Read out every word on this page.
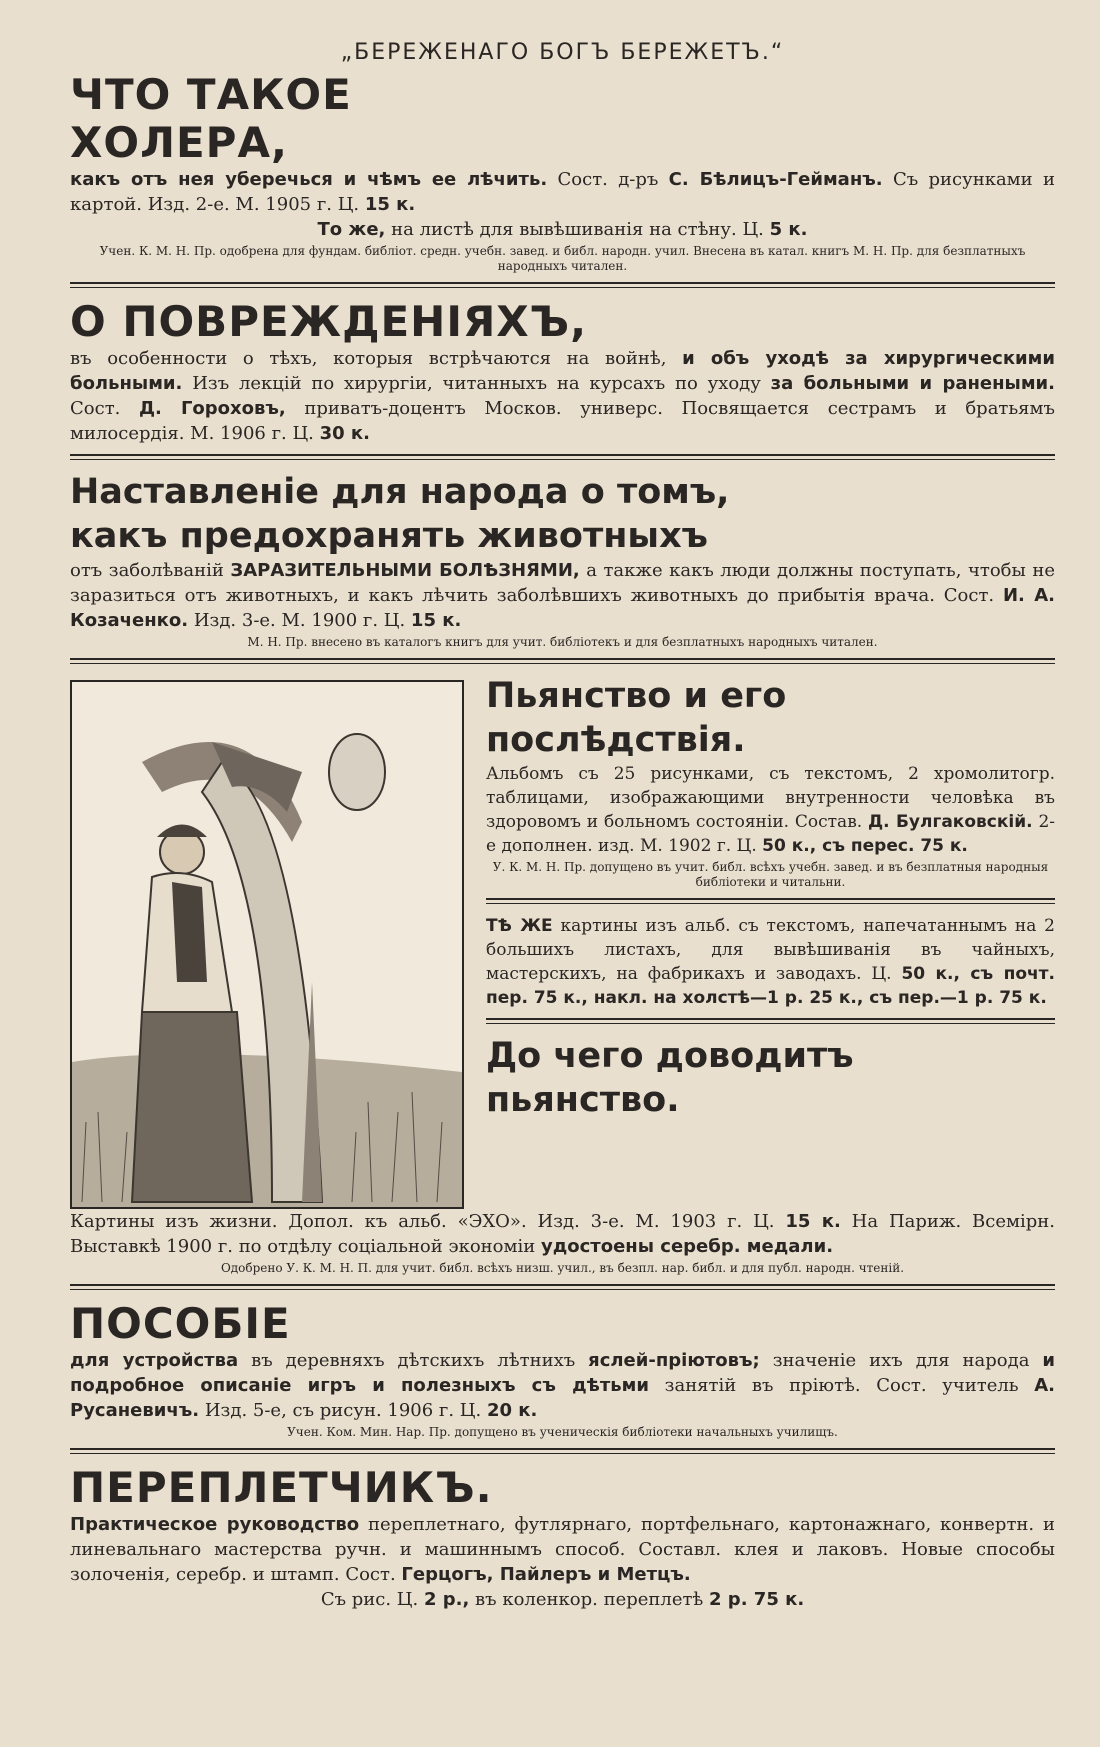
„БЕРЕЖЕНАГО БОГЪ БЕРЕЖЕТЪ.“
ЧТО ТАКОЕ
ХОЛЕРА,

какъ отъ нея уберечься и чѣмъ ее лѣчить. Сост. д-ръ С. Бѣлицъ-Гейманъ. Съ рисунками и картой. Изд. 2-е. М. 1905 г. Ц. 15 к.

То же, на листѣ для вывѣшиванія на стѣну. Ц. 5 к.

Учен. К. М. Н. Пр. одобрена для фундам. библiот. средн. учебн. завед. и библ. народн. учил. Внесена въ катал. книгъ М. Н. Пр. для безплатныхъ народныхъ читален.

О ПОВРЕЖДЕНІЯХЪ,

въ особенности о тѣхъ, которыя встрѣчаются на войнѣ, и объ уходѣ за хирургическими больными. Изъ лекцій по хирургіи, читанныхъ на курсахъ по уходу за больными и ранеными. Сост. Д. Гороховъ, приватъ-доцентъ Москов. универс. Посвящается сестрамъ и братьямъ милосердія. М. 1906 г. Ц. 30 к.

Наставленіе для народа о томъ,
какъ предохранять животныхъ

отъ заболѣваній ЗАРАЗИТЕЛЬНЫМИ БОЛѢЗНЯМИ, а также какъ люди должны поступать, чтобы не заразиться отъ животныхъ, и какъ лѣчить заболѣвшихъ животныхъ до прибытія врача. Сост. И. А. Козаченко. Изд. 3-е. М. 1900 г. Ц. 15 к.

М. Н. Пр. внесено въ каталогъ книгъ для учит. библіотекъ и для безплатныхъ народныхъ читален.

Пьянство и его
послѣдствія.

Альбомъ съ 25 рисунками, съ текстомъ, 2 хромолитогр. таблицами, изображающими внутренности человѣка въ здоровомъ и больномъ состояніи. Состав. Д. Булгаковскій. 2-е дополнен. изд. М. 1902 г. Ц. 50 к., съ перес. 75 к.

У. К. М. Н. Пр. допущено въ учит. библ. всѣхъ учебн. завед. и въ безплатныя народныя библіотеки и читальни.

ТѢ ЖЕ картины изъ альб. съ текстомъ, напечатаннымъ на 2 большихъ листахъ, для вывѣшиванія въ чайныхъ, мастерскихъ, на фабрикахъ и заводахъ. Ц. 50 к., съ почт. пер. 75 к., накл. на холстѣ—1 р. 25 к., съ пер.—1 р. 75 к.

До чего доводитъ
пьянство.

Картины изъ жизни. Допол. къ альб. «ЭХО». Изд. 3-е. М. 1903 г. Ц. 15 к. На Париж. Всемірн. Выставкѣ 1900 г. по отдѣлу соціальной экономіи удостоены серебр. медали.

Одобрено У. К. М. Н. П. для учит. библ. всѣхъ низш. учил., въ безпл. нар. библ. и для публ. народн. чтеній.

ПОСОБІЕ

для устройства въ деревняхъ дѣтскихъ лѣтнихъ яслей-пріютовъ; значеніе ихъ для народа и подробное описаніе игръ и полезныхъ съ дѣтьми занятій въ пріютѣ. Сост. учитель А. Русаневичъ. Изд. 5-е, съ рисун. 1906 г. Ц. 20 к.

Учен. Ком. Мин. Нар. Пр. допущено въ ученическія библіотеки начальныхъ училищъ.

ПЕРЕПЛЕТЧИКЪ.

Практическое руководство переплетнаго, футлярнаго, портфельнаго, картонажнаго, конвертн. и линевальнаго мастерства ручн. и машиннымъ способ. Составл. клея и лаковъ. Новые способы золоченія, серебр. и штамп. Сост. Герцогъ, Пайлеръ и Метцъ.

Съ рис. Ц. 2 р., въ коленкор. переплетѣ 2 р. 75 к.
